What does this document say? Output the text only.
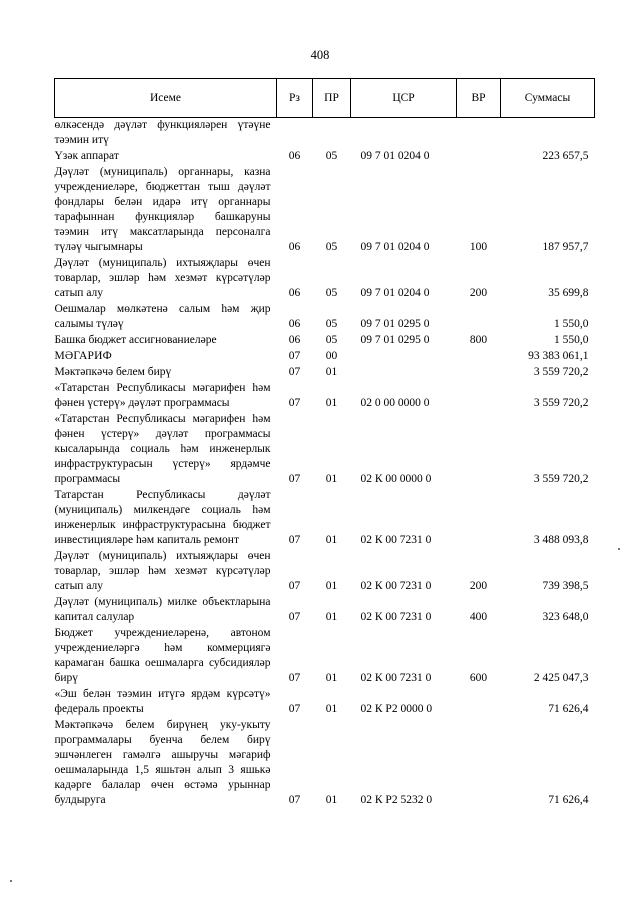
408
Исеме	Рз	ПР	ЦСР	ВР	Суммасы
өлкәсендә дәүләт функцияләрен үтәүне тәэмин итү					
Үзәк аппарат	06	05	09 7 01 0204 0		223 657,5
Дәүләт (муниципаль) органнары, казна учреждениеләре, бюджеттан тыш дәүләт фондлары белән идарә итү органнары тарафыннан функцияләр башкаруны тәэмин итү максатларында персоналга түләү чыгымнары	06	05	09 7 01 0204 0	100	187 957,7
Дәүләт (муниципаль) ихтыяҗлары өчен товарлар, эшләр һәм хезмәт күрсәтүләр сатып алу	06	05	09 7 01 0204 0	200	35 699,8
Оешмалар мөлкәтенә салым һәм җир салымы түләү	06	05	09 7 01 0295 0		1 550,0
Башка бюджет ассигнованиеләре	06	05	09 7 01 0295 0	800	1 550,0
МӘГАРИФ	07	00			93 383 061,1
Мәктәпкәчә белем бирү	07	01			3 559 720,2
«Татарстан Республикасы мәгарифен һәм фәнен үстерү» дәүләт программасы	07	01	02 0 00 0000 0		3 559 720,2
«Татарстан Республикасы мәгарифен һәм фәнен үстерү» дәүләт программасы кысаларында социаль һәм инженерлык инфраструктурасын үстерү» ярдәмче программасы	07	01	02 К 00 0000 0		3 559 720,2
Татарстан Республикасы дәүләт (муниципаль) милкендәге социаль һәм инженерлык инфраструктурасына бюджет инвестицияләре һәм капиталь ремонт	07	01	02 К 00 7231 0		3 488 093,8
Дәүләт (муниципаль) ихтыяҗлары өчен товарлар, эшләр һәм хезмәт күрсәтүләр сатып алу	07	01	02 К 00 7231 0	200	739 398,5
Дәүләт (муниципаль) милке объектларына капитал салулар	07	01	02 К 00 7231 0	400	323 648,0
Бюджет учреждениеләренә, автоном учреждениеләргә һәм коммерциягә карамаган башка оешмаларга субсидияләр бирү	07	01	02 К 00 7231 0	600	2 425 047,3
«Эш белән тәэмин итүгә ярдәм күрсәтү» федераль проекты	07	01	02 К Р2 0000 0		71 626,4
Мәктәпкәчә белем бирүнең уку-укыту программалары буенча белем бирү эшчәнлеген гамәлгә ашыручы мәгариф оешмаларында 1,5 яшьтән алып 3 яшькә кадәрге балалар өчен өстәмә урыннар булдыруга	07	01	02 К Р2 5232 0		71 626,4
